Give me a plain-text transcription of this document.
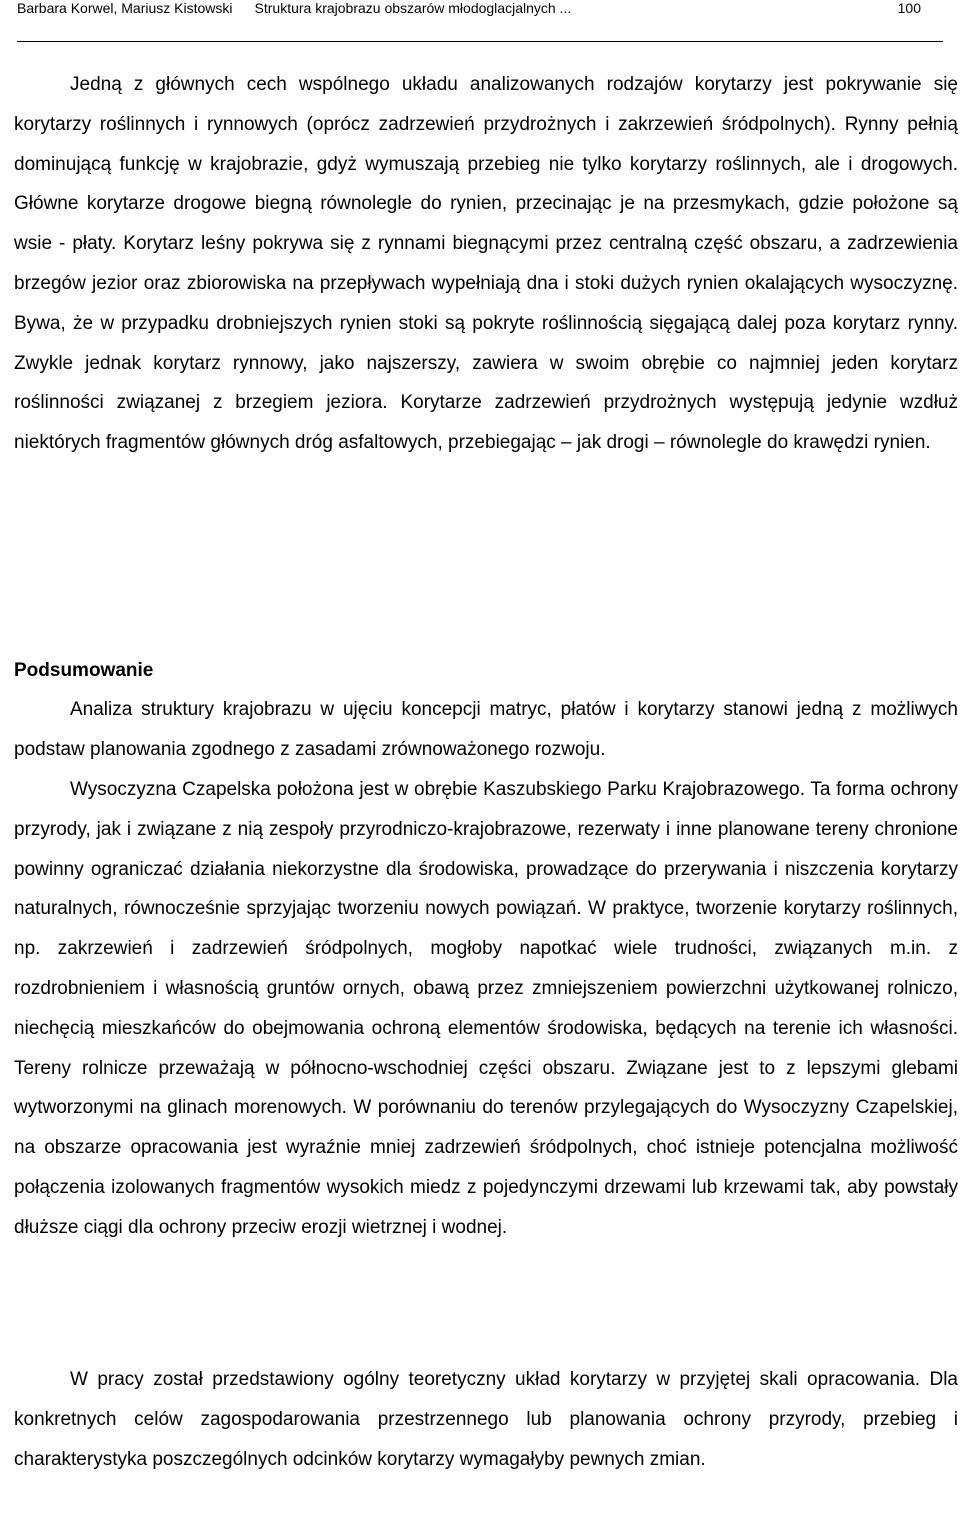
Barbara Korwel, Mariusz Kistowski Struktura krajobrazu obszarów młodoglacjalnych ...	100

Jedną z głównych cech wspólnego układu analizowanych rodzajów korytarzy jest pokrywanie się korytarzy roślinnych i rynnowych (oprócz zadrzewień przydrożnych i zakrzewień śródpolnych). Rynny pełnią dominującą funkcję w krajobrazie, gdyż wymuszają przebieg nie tylko korytarzy roślinnych, ale i drogowych. Główne korytarze drogowe biegną równolegle do rynien, przecinając je na przesmykach, gdzie położone są wsie - płaty. Korytarz leśny pokrywa się z rynnami biegnącymi przez centralną część obszaru, a zadrzewienia brzegów jezior oraz zbiorowiska na przepływach wypełniają dna i stoki dużych rynien okalających wysoczyznę. Bywa, że w przypadku drobniejszych rynien stoki są pokryte roślinnością sięgającą dalej poza korytarz rynny. Zwykle jednak korytarz rynnowy, jako najszerszy, zawiera w swoim obrębie co najmniej jeden korytarz roślinności związanej z brzegiem jeziora. Korytarze zadrzewień przydrożnych występują jedynie wzdłuż niektórych fragmentów głównych dróg asfaltowych, przebiegając – jak drogi – równolegle do krawędzi rynien.

Podsumowanie

Analiza struktury krajobrazu w ujęciu koncepcji matryc, płatów i korytarzy stanowi jedną z możliwych podstaw planowania zgodnego z zasadami zrównoważonego rozwoju.

Wysoczyzna Czapelska położona jest w obrębie Kaszubskiego Parku Krajobrazowego. Ta forma ochrony przyrody, jak i związane z nią zespoły przyrodniczo-krajobrazowe, rezerwaty i inne planowane tereny chronione powinny ograniczać działania niekorzystne dla środowiska, prowadzące do przerywania i niszczenia korytarzy naturalnych, równocześnie sprzyjając tworzeniu nowych powiązań. W praktyce, tworzenie korytarzy roślinnych, np. zakrzewień i zadrzewień śródpolnych, mogłoby napotkać wiele trudności, związanych m.in. z rozdrobnieniem i własnością gruntów ornych, obawą przez zmniejszeniem powierzchni użytkowanej rolniczo, niechęcią mieszkańców do obejmowania ochroną elementów środowiska, będących na terenie ich własności. Tereny rolnicze przeważają w północno-wschodniej części obszaru. Związane jest to z lepszymi glebami wytworzonymi na glinach morenowych. W porównaniu do terenów przylegających do Wysoczyzny Czapelskiej, na obszarze opracowania jest wyraźnie mniej zadrzewień śródpolnych, choć istnieje potencjalna możliwość połączenia izolowanych fragmentów wysokich miedz z pojedynczymi drzewami lub krzewami tak, aby powstały dłuższe ciągi dla ochrony przeciw erozji wietrznej i wodnej.

W pracy został przedstawiony ogólny teoretyczny układ korytarzy w przyjętej skali opracowania. Dla konkretnych celów zagospodarowania przestrzennego lub planowania ochrony przyrody, przebieg i charakterystyka poszczególnych odcinków korytarzy wymagałyby pewnych zmian.
